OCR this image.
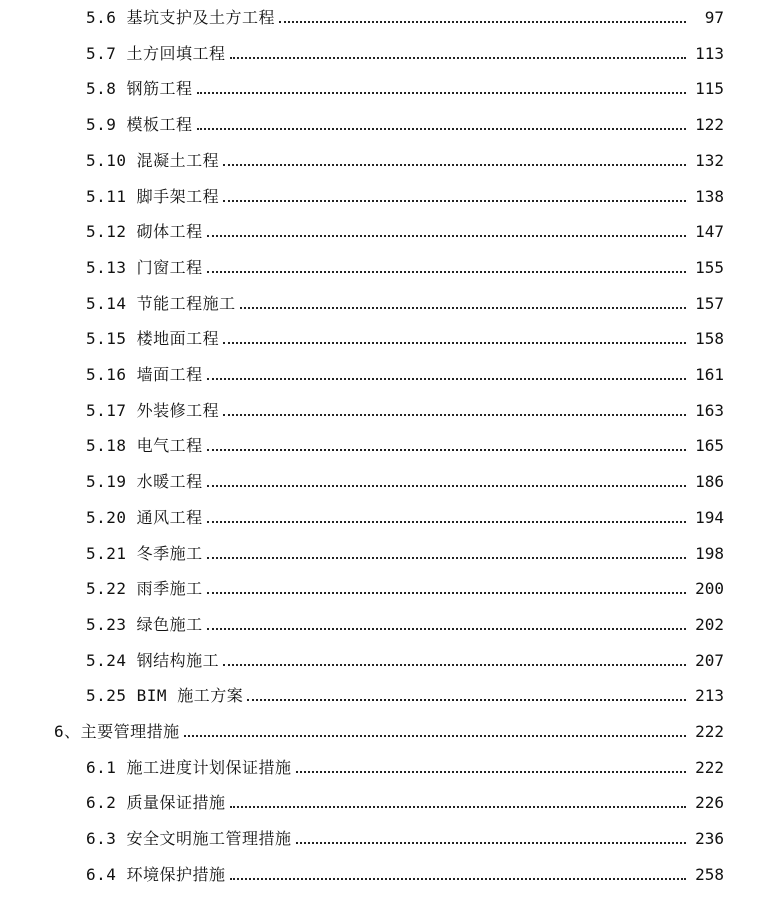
5.6 基坑支护及土方工程	97
5.7 土方回填工程	113
5.8 钢筋工程	115
5.9 模板工程	122
5.10 混凝土工程	132
5.11 脚手架工程	138
5.12 砌体工程	147
5.13 门窗工程	155
5.14 节能工程施工	157
5.15 楼地面工程	158
5.16 墙面工程	161
5.17 外装修工程	163
5.18 电气工程	165
5.19 水暖工程	186
5.20 通风工程	194
5.21 冬季施工	198
5.22 雨季施工	200
5.23 绿色施工	202
5.24 钢结构施工	207
5.25 BIM 施工方案	213
6、主要管理措施	222
6.1 施工进度计划保证措施	222
6.2 质量保证措施	226
6.3 安全文明施工管理措施	236
6.4 环境保护措施	258
